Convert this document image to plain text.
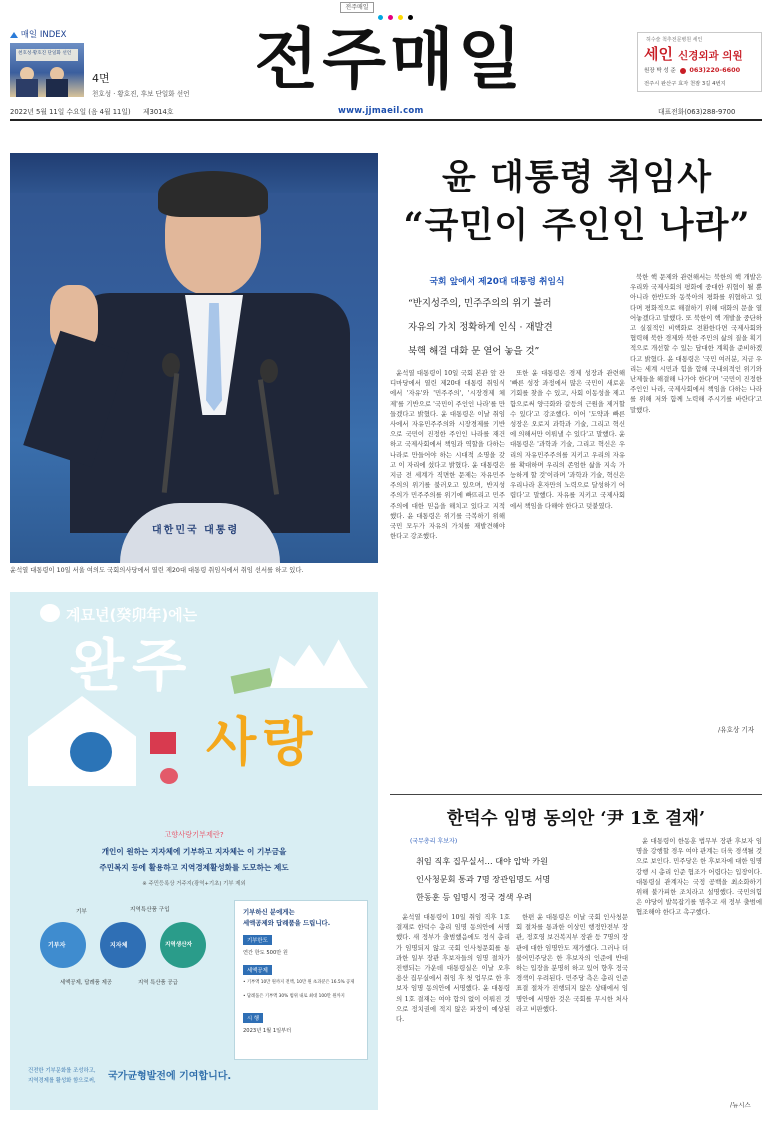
전주매일

매일 INDEX
천호성·황호진 단일화 선언
4면
천호성 · 황호진, 후보 단일화 선언 전주매일
www.jjmaeil.com
허수술 척추전문병원 세인
세인 신경외과 의원
원장 박 성 준 063)220-6600
전주시 완산구 효자 천잠 3길 4번지
2022년 5월 11일 수요일 (음 4월 11일) 제3014호	대표전화(063)288-9700
대한민국 대통령
윤석열 대통령이 10일 서울 여의도 국회의사당에서 열린 제20대 대통령 취임식에서 취임 선서를 하고 있다.
윤 대통령 취임사
“국민이 주인인 나라”
국회 앞에서 제20대 대통령 취임식
“반지성주의, 민주주의의 위기 불러
자유의 가치 정확하게 인식 · 재발견
북핵 해결 대화 문 열어 놓을 것”

윤석열 대통령이 10일 국회 본관 앞 잔디마당에서 열린 제20대 대통령 취임식에서 '자유'와 '민주주의', '시장경제 체제'를 기반으로 '국민이 주인인 나라'를 만들겠다고 밝혔다. 윤 대통령은 이날 취임사에서 자유민주주의와 시장경제를 기반으로 국민이 진정한 주인인 나라를 재건하고 국제사회에서 책임과 역할을 다하는 나라로 만들어야 하는 시대적 소명을 갖고 이 자리에 섰다고 밝혔다. 윤 대통령은 지금 전 세계가 직면한 문제는 자유민주주의의 위기를 불러오고 있으며, 반지성주의가 민주주의를 위기에 빠뜨리고 민주주의에 대한 믿음을 해치고 있다고 지적했다. 윤 대통령은 위기를 극복하기 위해 국민 모두가 자유의 가치를 재발견해야 한다고 강조했다.

또한 윤 대통령은 경제 성장과 관련해 '빠른 성장 과정에서 많은 국민이 새로운 기회를 찾을 수 있고, 사회 이동성을 제고함으로써 양극화와 갈등의 근원을 제거할 수 있다'고 강조했다. 이어 '도약과 빠른 성장은 오로지 과학과 기술, 그리고 혁신에 의해서만 이뤄낼 수 있다'고 말했다. 윤 대통령은 '과학과 기술, 그리고 혁신은 우리의 자유민주주의를 지키고 우리의 자유를 확대하며 우리의 존엄한 삶을 지속 가능하게 할 것'이라며 '과학과 기술, 혁신은 우리나라 혼자만의 노력으로 달성하기 어렵다'고 말했다. 자유를 지키고 국제사회에서 책임을 다해야 한다고 덧붙였다.

북한 핵 문제와 관련해서는 북한의 핵 개발은 우리와 국제사회의 평화에 중대한 위협이 될 뿐 아니라 한반도와 동북아의 평화를 위협하고 있다며 평화적으로 해결하기 위해 대화의 문을 열어놓겠다고 말했다. 또 북한이 핵 개발을 중단하고 실질적인 비핵화로 전환한다면 국제사회와 협력해 북한 경제와 북한 주민의 삶의 질을 획기적으로 개선할 수 있는 담대한 계획을 준비하겠다고 밝혔다. 윤 대통령은 '국민 여러분, 지금 우리는 세계 시민과 힘을 합해 국내외적인 위기와 난제들을 해결해 나가야 한다'며 '국민이 진정한 주인인 나라, 국제사회에서 책임을 다하는 나라를 위해 저와 함께 노력해 주시기를 바란다'고 말했다.

/유호상 기자
계묘년(癸卯年)에는
완주
사랑
고향사랑기부제란?
개인이 원하는 지자체에 기부하고 지자체는 이 기부금을
주민복지 등에 활용하고 지역경제활성화를 도모하는 제도
※ 주민등록상 거주지(광역+기초) 기부 제외
기부	지역특산품 구입
기부자	지자체	지역생산자
세액공제, 답례품 제공	지역 특산품 공급
기부하신 분에게는
세액공제와 답례품을 드립니다.
기부한도
연간 한도 500만 원
세액공제
• 기부액 10만 원까지 전액, 10만 원 초과분은 16.5% 공제
• 답례품은 기부액 30% 범위 내로 최대 100만 원까지
시 행
2023년 1월 1일부터
건전한 기부문화를 조성하고,
지역경제를 활성화 함으로써, 국가균형발전에 기여합니다.
한덕수 임명 동의안 ‘尹 1호 결재’
(국무총리 후보자)
취임 직후 집무실서… 대야 압박 카원
인사청문회 통과 7명 장관임명도 서명
한동훈 등 임명시 정국 경색 우려

윤석열 대통령이 10일 취임 직후 1호 결재로 한덕수 총리 임명 동의안에 서명했다. 새 정부가 출범했음에도 정식 총리가 임명되지 않고 국회 인사청문회를 통과한 일부 장관 후보자들의 임명 절차가 진행되는 가운데 대통령실은 이날 오후 용산 집무실에서 취임 후 첫 업무로 한 후보자 임명 동의안에 서명했다. 윤 대통령의 1호 결재는 여야 합의 없이 이뤄진 것으로 정치권에 적지 않은 파장이 예상된다.

한편 윤 대통령은 이날 국회 인사청문회 절차를 통과한 이상민 행정안전부 장관, 정호영 보건복지부 장관 등 7명의 장관에 대한 임명안도 재가했다. 그러나 더불어민주당은 한 후보자의 인준에 반대하는 입장을 분명히 하고 있어 향후 정국 경색이 우려된다. 민주당 측은 총리 인준 표결 절차가 진행되지 않은 상태에서 임명안에 서명한 것은 국회를 무시한 처사라고 비판했다.

윤 대통령이 한동훈 법무부 장관 후보자 임명을 강행할 경우 여야 관계는 더욱 경색될 것으로 보인다. 민주당은 한 후보자에 대한 임명 강행 시 총리 인준 협조가 어렵다는 입장이다. 대통령실 관계자는 국정 공백을 최소화하기 위해 불가피한 조치라고 설명했다. 국민의힘은 야당이 발목잡기를 멈추고 새 정부 출범에 협조해야 한다고 촉구했다.

/뉴시스
